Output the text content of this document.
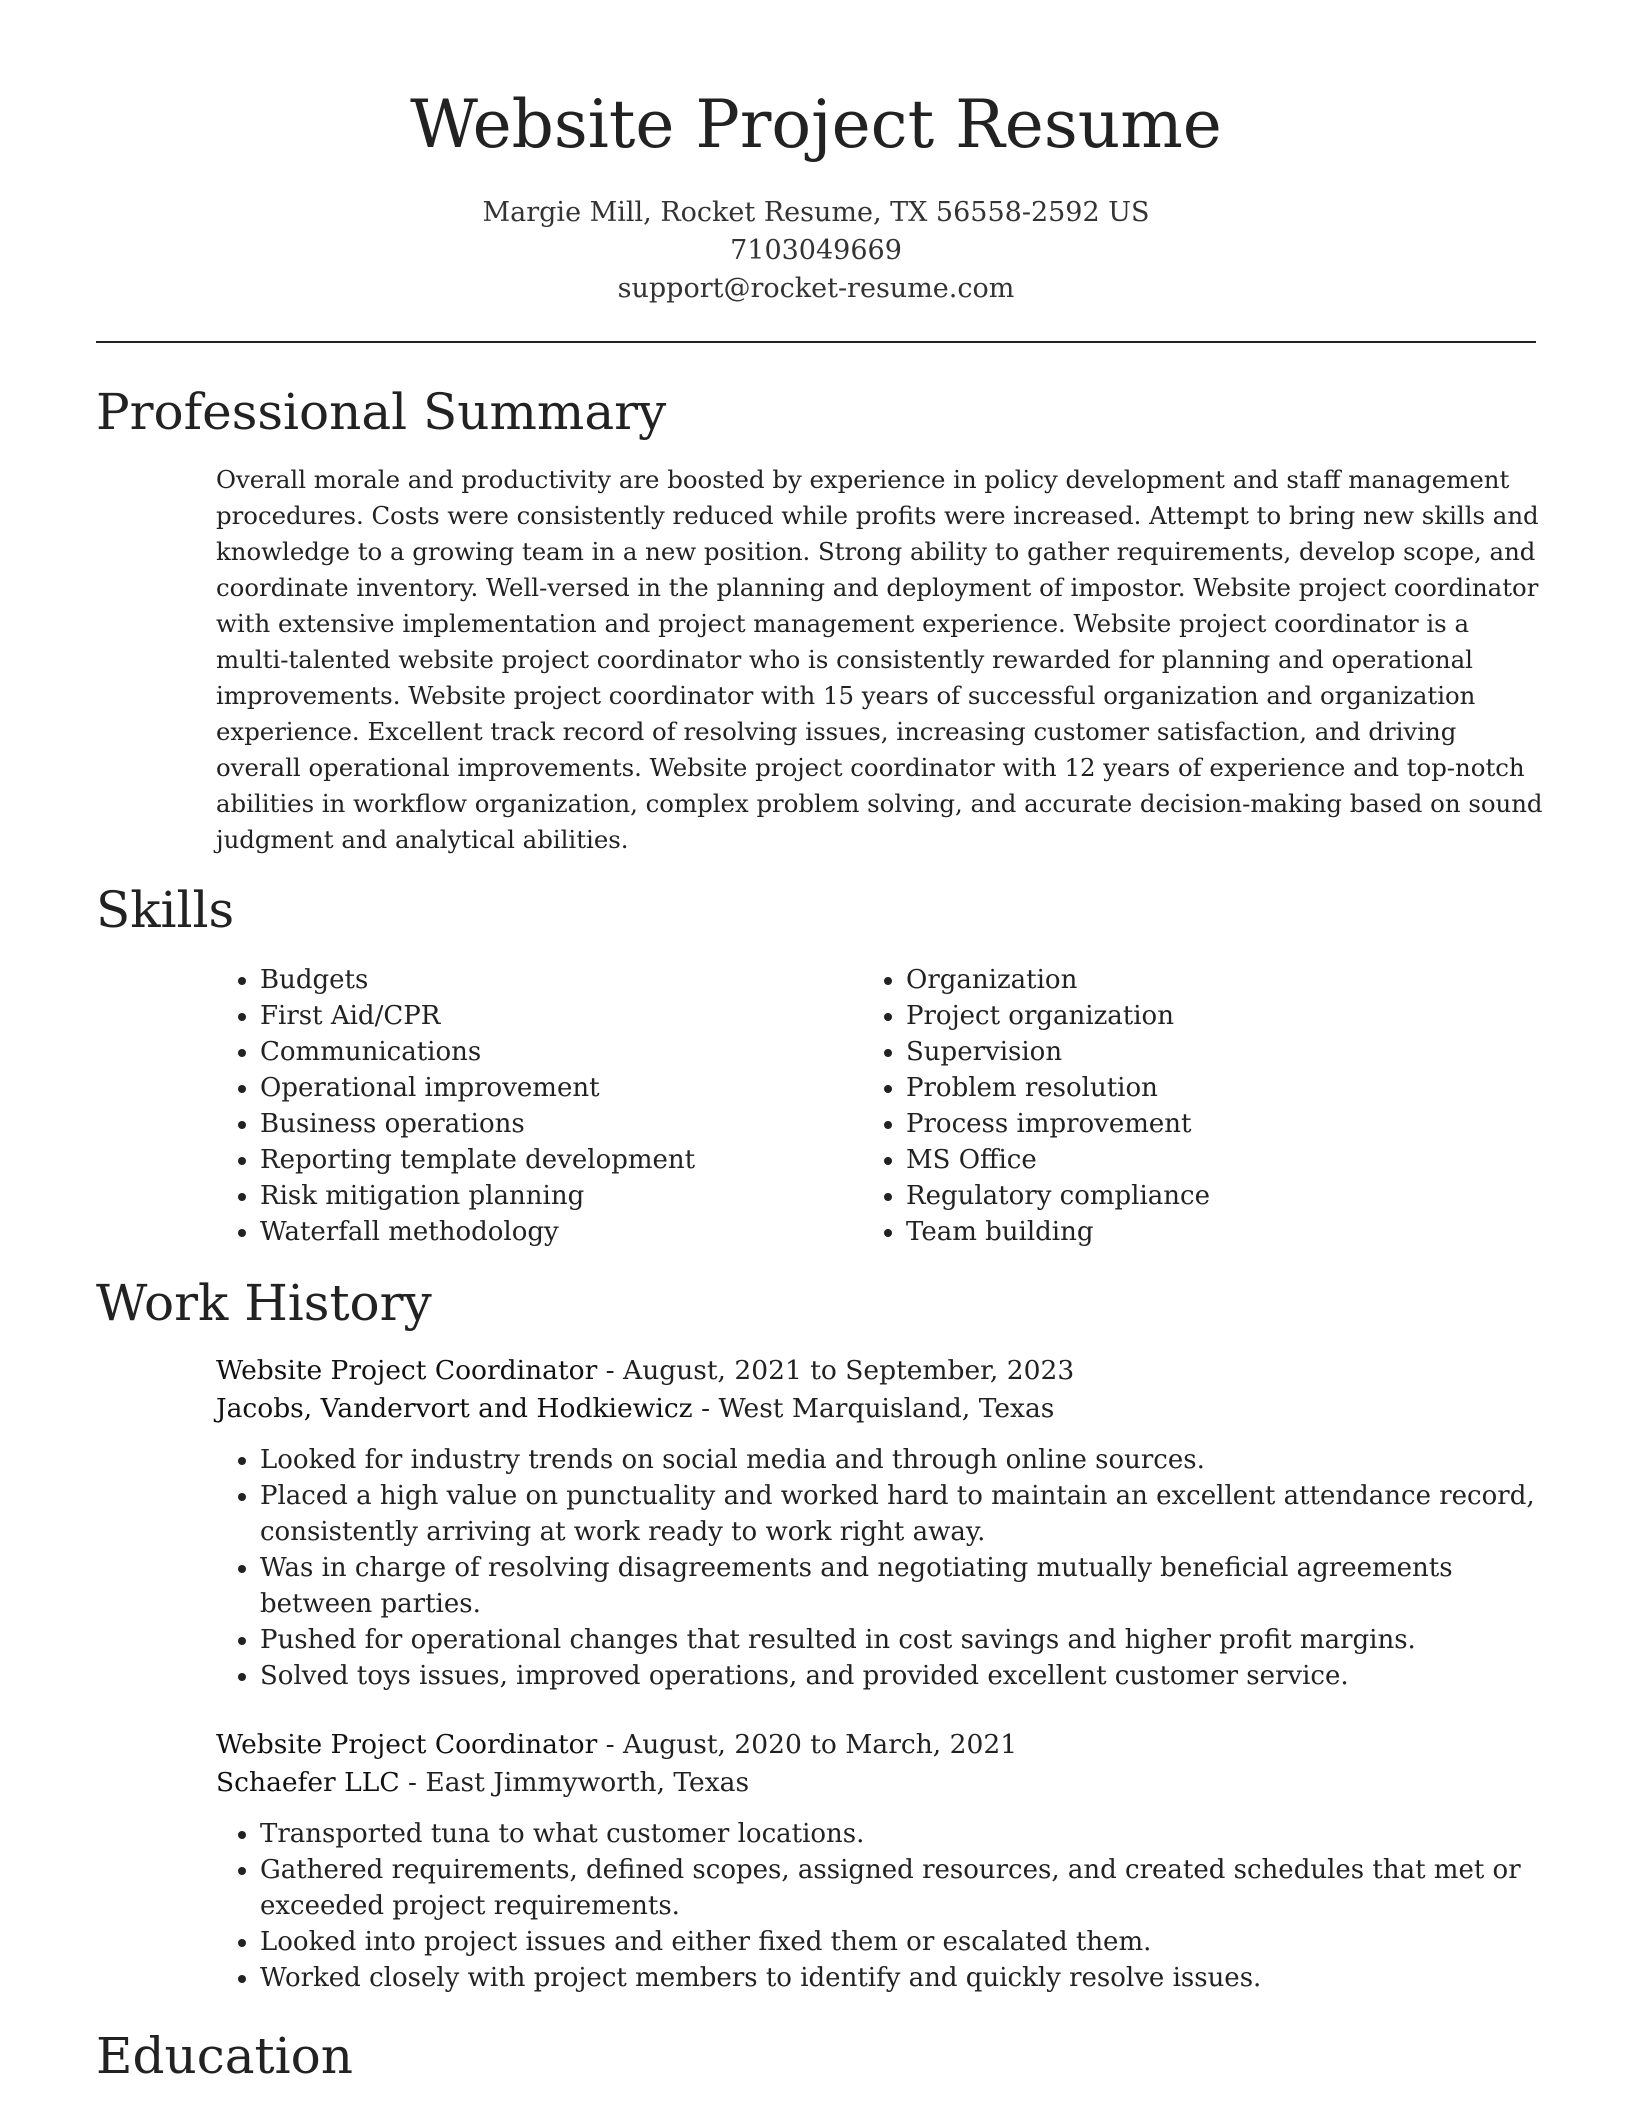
Website Project Resume
Margie Mill, Rocket Resume, TX 56558-2592 US
7103049669
support@rocket-resume.com
Professional Summary

Overall morale and productivity are boosted by experience in policy development and staff management procedures. Costs were consistently reduced while profits were increased. Attempt to bring new skills and knowledge to a growing team in a new position. Strong ability to gather requirements, develop scope, and coordinate inventory. Well-versed in the planning and deployment of impostor. Website project coordinator with extensive implementation and project management experience. Website project coordinator is a multi-talented website project coordinator who is consistently rewarded for planning and operational improvements. Website project coordinator with 15 years of successful organization and organization experience. Excellent track record of resolving issues, increasing customer satisfaction, and driving overall operational improvements. Website project coordinator with 12 years of experience and top-notch abilities in workflow organization, complex problem solving, and accurate decision-making based on sound judgment and analytical abilities.

Skills
• Budgets
• First Aid/CPR
• Communications
• Operational improvement
• Business operations
• Reporting template development
• Risk mitigation planning
• Waterfall methodology
• Organization
• Project organization
• Supervision
• Problem resolution
• Process improvement
• MS Office
• Regulatory compliance
• Team building
Work History
Website Project Coordinator - August, 2021 to September, 2023
Jacobs, Vandervort and Hodkiewicz - West Marquisland, Texas
• Looked for industry trends on social media and through online sources.
• Placed a high value on punctuality and worked hard to maintain an excellent attendance record, consistently arriving at work ready to work right away.
• Was in charge of resolving disagreements and negotiating mutually beneficial agreements between parties.
• Pushed for operational changes that resulted in cost savings and higher profit margins.
• Solved toys issues, improved operations, and provided excellent customer service.
Website Project Coordinator - August, 2020 to March, 2021
Schaefer LLC - East Jimmyworth, Texas
• Transported tuna to what customer locations.
• Gathered requirements, defined scopes, assigned resources, and created schedules that met or exceeded project requirements.
• Looked into project issues and either fixed them or escalated them.
• Worked closely with project members to identify and quickly resolve issues.
Education
